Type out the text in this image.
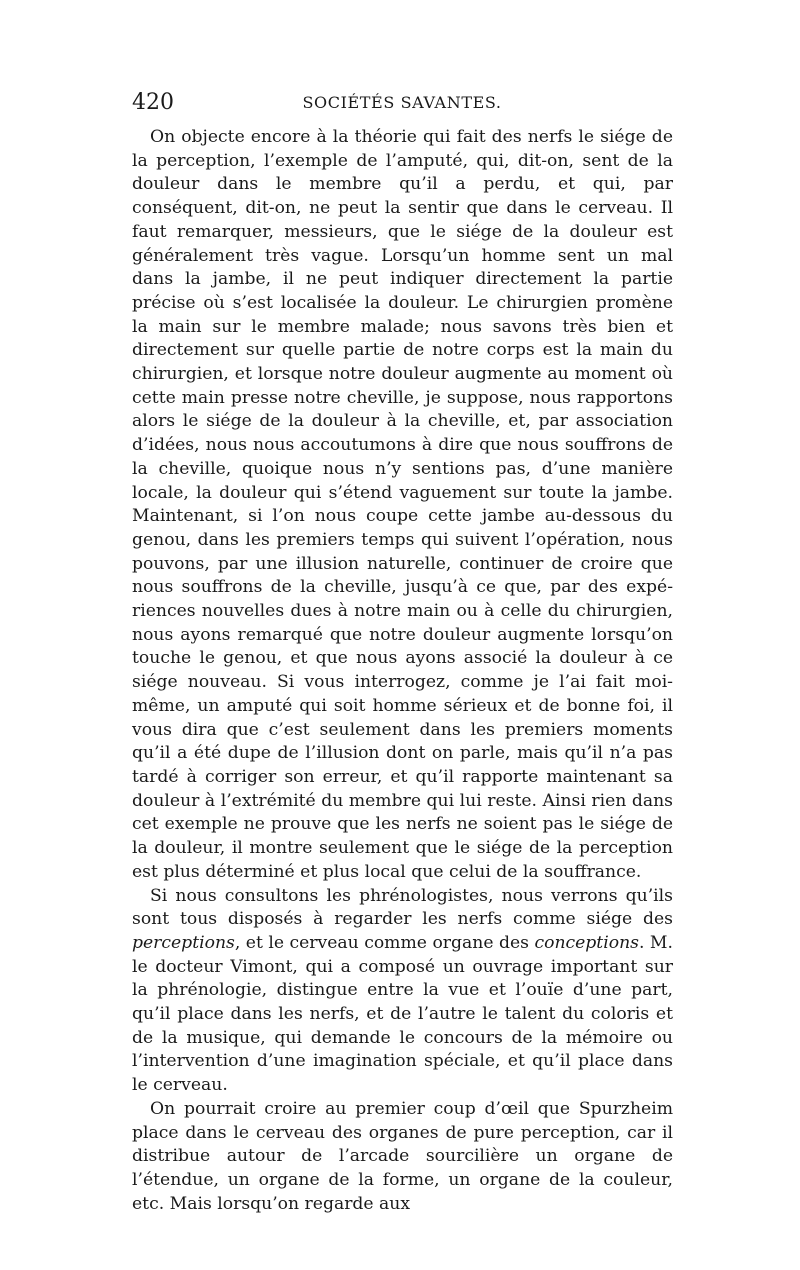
420	SOCIÉTÉS SAVANTES.

On objecte encore à la théorie qui fait des nerfs le siége de la perception, l’exemple de l’amputé, qui, dit-on, sent de la douleur dans le membre qu’il a perdu, et qui, par conséquent, dit-on, ne peut la sentir que dans le cerveau. Il faut remarquer, messieurs, que le siége de la douleur est généralement très vague. Lorsqu’un homme sent un mal dans la jambe, il ne peut indiquer directement la partie précise où s’est localisée la douleur. Le chirurgien promène la main sur le membre malade; nous savons très bien et directement sur quelle partie de notre corps est la main du chirurgien, et lorsque notre douleur augmente au moment où cette main presse notre cheville, je suppose, nous rapportons alors le siége de la douleur à la cheville, et, par association d’idées, nous nous accoutumons à dire que nous souffrons de la cheville, quoique nous n’y sentions pas, d’une manière locale, la douleur qui s’étend vaguement sur toute la jambe. Maintenant, si l’on nous coupe cette jambe au-dessous du genou, dans les premiers temps qui suivent l’opération, nous pouvons, par une illusion naturelle, continuer de croire que nous souffrons de la cheville, jusqu’à ce que, par des expériences nouvelles dues à notre main ou à celle du chirurgien, nous ayons remarqué que notre douleur augmente lorsqu’on touche le genou, et que nous ayons associé la douleur à ce siége nouveau. Si vous interrogez, comme je l’ai fait moi-même, un amputé qui soit homme sérieux et de bonne foi, il vous dira que c’est seulement dans les premiers moments qu’il a été dupe de l’illusion dont on parle, mais qu’il n’a pas tardé à corriger son erreur, et qu’il rapporte maintenant sa douleur à l’extrémité du membre qui lui reste. Ainsi rien dans cet exemple ne prouve que les nerfs ne soient pas le siége de la douleur, il montre seulement que le siége de la perception est plus déterminé et plus local que celui de la souffrance.

Si nous consultons les phrénologistes, nous verrons qu’ils sont tous disposés à regarder les nerfs comme siége des perceptions, et le cerveau comme organe des conceptions. M. le docteur Vimont, qui a composé un ouvrage important sur la phrénologie, distingue entre la vue et l’ouïe d’une part, qu’il place dans les nerfs, et de l’autre le talent du coloris et de la musique, qui demande le concours de la mémoire ou l’intervention d’une imagination spéciale, et qu’il place dans le cerveau.

On pourrait croire au premier coup d’œil que Spurzheim place dans le cerveau des organes de pure perception, car il distribue autour de l’arcade sourcilière un organe de l’étendue, un organe de la forme, un organe de la couleur, etc. Mais lorsqu’on regarde aux
